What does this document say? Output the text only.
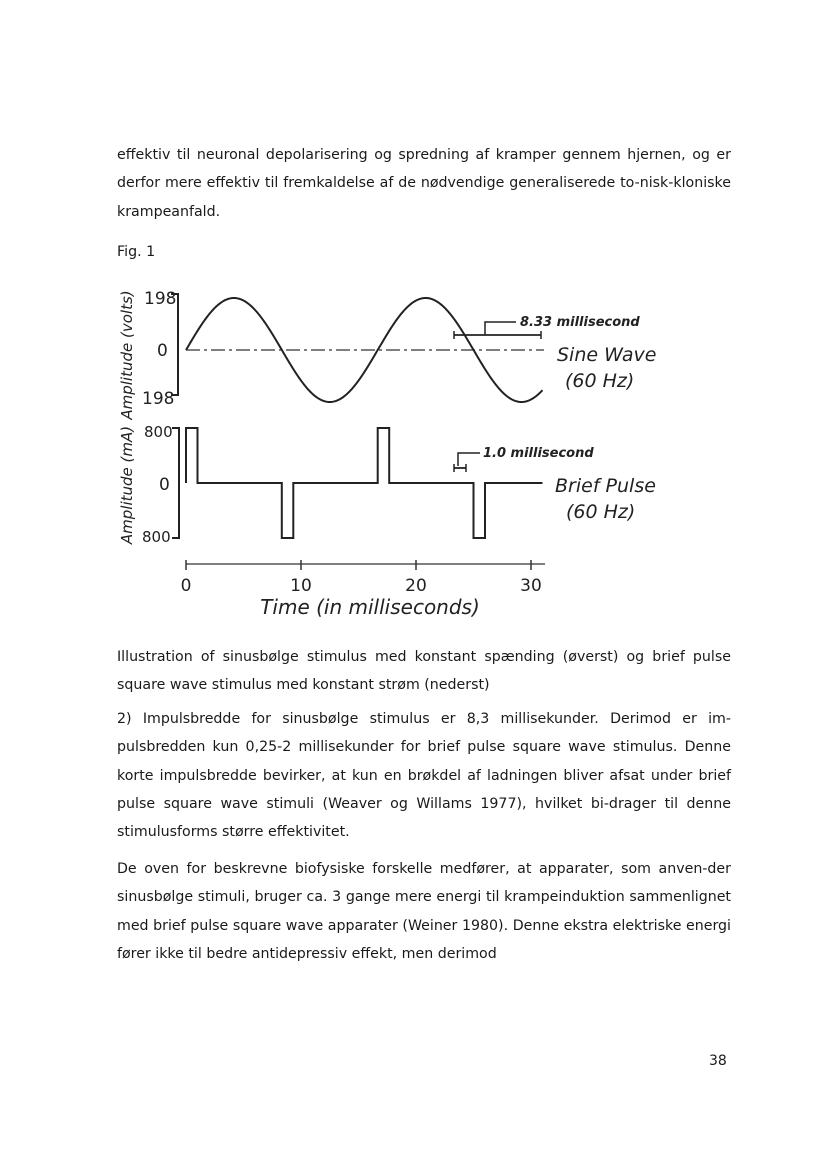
effektiv til neuronal depolarisering og spredning af kramper gennem hjernen, og er derfor mere effektiv til fremkaldelse af de nødvendige generaliserede to-nisk-kloniske krampeanfald.

Fig. 1

Amplitude (volts) 198
0
198
8.33 millisecond
Sine Wave
(60 Hz)
Amplitude (mA) 800
0
800
1.0 millisecond
Brief Pulse
(60 Hz)
0	10	20	30
Time (in milliseconds)

Illustration of sinusbølge stimulus med konstant spænding (øverst) og brief pulse square wave stimulus med konstant strøm (nederst)

2) Impulsbredde for sinusbølge stimulus er 8,3 millisekunder. Derimod er im-pulsbredden kun 0,25-2 millisekunder for brief pulse square wave stimulus. Denne korte impulsbredde bevirker, at kun en brøkdel af ladningen bliver afsat under brief pulse square wave stimuli (Weaver og Willams 1977), hvilket bi-drager til denne stimulusforms større effektivitet.

De oven for beskrevne biofysiske forskelle medfører, at apparater, som anven-der sinusbølge stimuli, bruger ca. 3 gange mere energi til krampeinduktion sammenlignet med brief pulse square wave apparater (Weiner 1980). Denne ekstra elektriske energi fører ikke til bedre antidepressiv effekt, men derimod

38
